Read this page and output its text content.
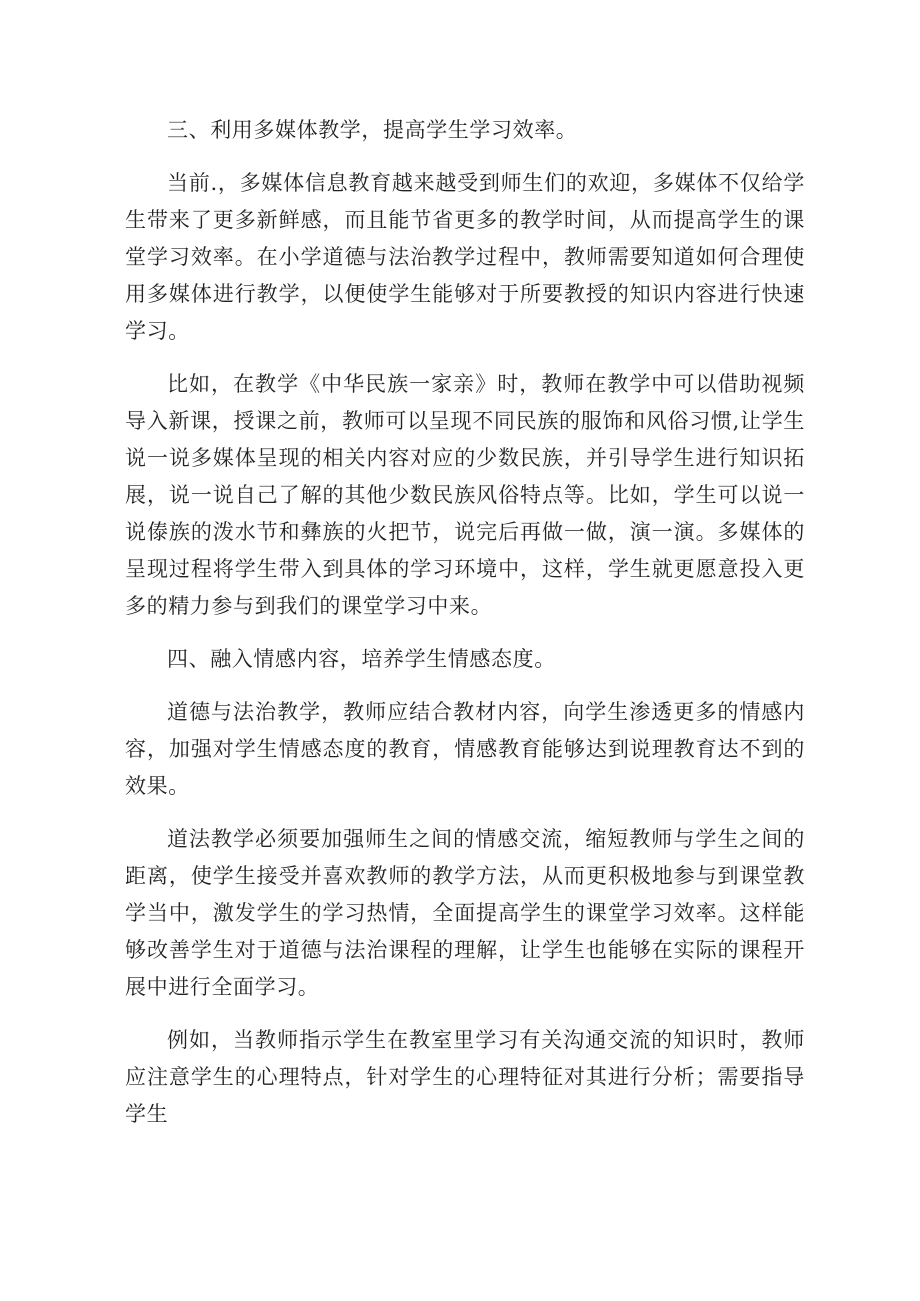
三、利用多媒体教学，提高学生学习效率。

当前.，多媒体信息教育越来越受到师生们的欢迎，多媒体不仅给学生带来了更多新鲜感，而且能节省更多的教学时间，从而提高学生的课堂学习效率。在小学道德与法治教学过程中，教师需要知道如何合理使用多媒体进行教学，以便使学生能够对于所要教授的知识内容进行快速学习。

比如，在教学《中华民族一家亲》时，教师在教学中可以借助视频导入新课，授课之前，教师可以呈现不同民族的服饰和风俗习惯,让学生说一说多媒体呈现的相关内容对应的少数民族，并引导学生进行知识拓展，说一说自己了解的其他少数民族风俗特点等。比如，学生可以说一说傣族的泼水节和彝族的火把节，说完后再做一做，演一演。多媒体的呈现过程将学生带入到具体的学习环境中，这样，学生就更愿意投入更多的精力参与到我们的课堂学习中来。

四、融入情感内容，培养学生情感态度。

道德与法治教学，教师应结合教材内容，向学生渗透更多的情感内容，加强对学生情感态度的教育，情感教育能够达到说理教育达不到的效果。

道法教学必须要加强师生之间的情感交流，缩短教师与学生之间的距离，使学生接受并喜欢教师的教学方法，从而更积极地参与到课堂教学当中，激发学生的学习热情，全面提高学生的课堂学习效率。这样能够改善学生对于道德与法治课程的理解，让学生也能够在实际的课程开展中进行全面学习。

例如，当教师指示学生在教室里学习有关沟通交流的知识时，教师应注意学生的心理特点，针对学生的心理特征对其进行分析；需要指导学生
